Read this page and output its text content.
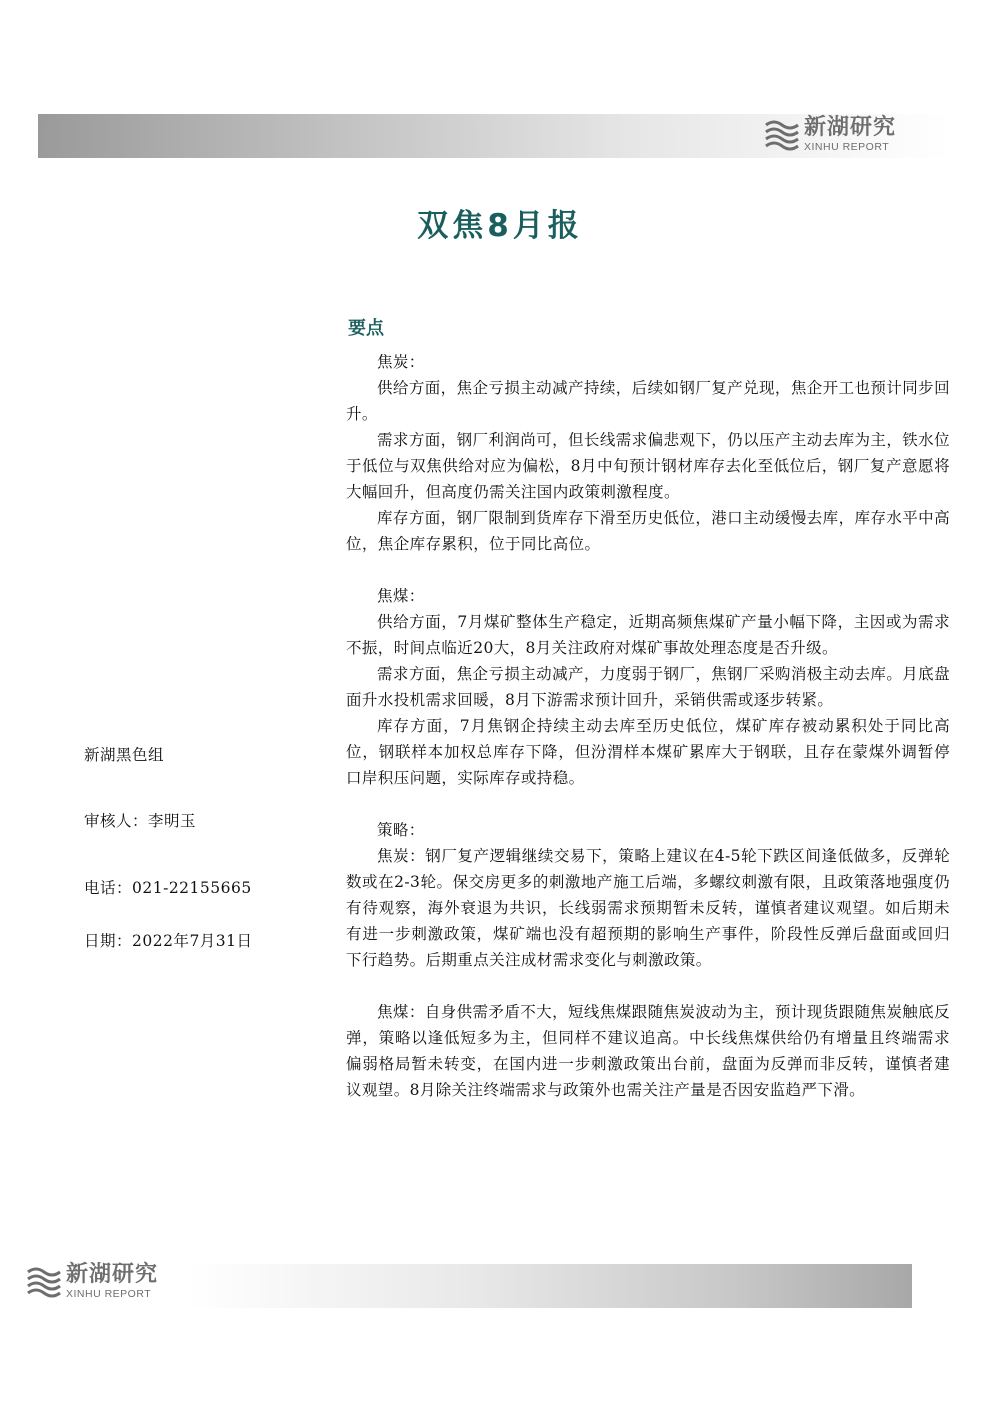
新湖研究
XINHU REPORT
双焦8月报
要点

焦炭：

供给方面，焦企亏损主动减产持续，后续如钢厂复产兑现，焦企开工也预计同步回升。

需求方面，钢厂利润尚可，但长线需求偏悲观下，仍以压产主动去库为主，铁水位于低位与双焦供给对应为偏松，8月中旬预计钢材库存去化至低位后，钢厂复产意愿将大幅回升，但高度仍需关注国内政策刺激程度。

库存方面，钢厂限制到货库存下滑至历史低位，港口主动缓慢去库，库存水平中高位，焦企库存累积，位于同比高位。

焦煤：

供给方面，7月煤矿整体生产稳定，近期高频焦煤矿产量小幅下降，主因或为需求不振，时间点临近20大，8月关注政府对煤矿事故处理态度是否升级。

需求方面，焦企亏损主动减产，力度弱于钢厂，焦钢厂采购消极主动去库。月底盘面升水投机需求回暖，8月下游需求预计回升，采销供需或逐步转紧。

库存方面，7月焦钢企持续主动去库至历史低位，煤矿库存被动累积处于同比高位，钢联样本加权总库存下降，但汾渭样本煤矿累库大于钢联，且存在蒙煤外调暂停口岸积压问题，实际库存或持稳。

策略：

焦炭：钢厂复产逻辑继续交易下，策略上建议在4-5轮下跌区间逢低做多，反弹轮数或在2-3轮。保交房更多的刺激地产施工后端，多螺纹刺激有限，且政策落地强度仍有待观察，海外衰退为共识，长线弱需求预期暂未反转，谨慎者建议观望。如后期未有进一步刺激政策，煤矿端也没有超预期的影响生产事件，阶段性反弹后盘面或回归下行趋势。后期重点关注成材需求变化与刺激政策。

焦煤：自身供需矛盾不大，短线焦煤跟随焦炭波动为主，预计现货跟随焦炭触底反弹，策略以逢低短多为主，但同样不建议追高。中长线焦煤供给仍有增量且终端需求偏弱格局暂未转变，在国内进一步刺激政策出台前，盘面为反弹而非反转，谨慎者建议观望。8月除关注终端需求与政策外也需关注产量是否因安监趋严下滑。

新湖黑色组
审核人：李明玉
电话：021-22155665
日期：2022年7月31日
新湖研究
XINHU REPORT
